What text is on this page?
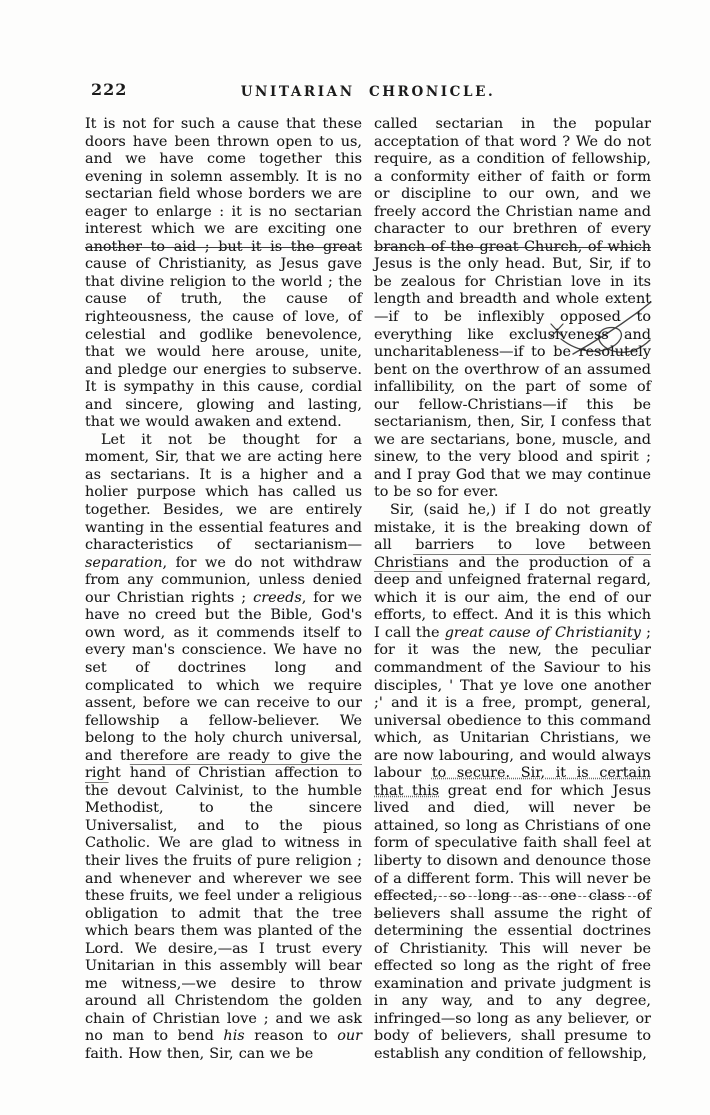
222	UNITARIAN CHRONICLE.

It is not for such a cause that these doors have been thrown open to us, and we have come together this evening in solemn assembly. It is no sectarian field whose borders we are eager to enlarge : it is no sectarian interest which we are exciting one another to aid ; but it is the great cause of Christianity, as Jesus gave that divine religion to the world ; the cause of truth, the cause of righteousness, the cause of love, of celestial and godlike benevolence, that we would here arouse, unite, and pledge our energies to subserve. It is sympathy in this cause, cordial and sincere, glowing and lasting, that we would awaken and extend.

Let it not be thought for a moment, Sir, that we are acting here as sectarians. It is a higher and a holier purpose which has called us together. Besides, we are entirely wanting in the essential features and characteristics of sectarianism—separation, for we do not withdraw from any communion, unless denied our Christian rights ; creeds, for we have no creed but the Bible, God's own word, as it commends itself to every man's conscience. We have no set of doctrines long and complicated to which we require assent, before we can receive to our fellowship a fellow-believer. We belong to the holy church universal, and therefore are ready to give the right hand of Christian affection to the devout Calvinist, to the humble Methodist, to the sincere Universalist, and to the pious Catholic. We are glad to witness in their lives the fruits of pure religion ; and whenever and wherever we see these fruits, we feel under a religious obligation to admit that the tree which bears them was planted of the Lord. We desire,—as I trust every Unitarian in this assembly will bear me witness,—we desire to throw around all Christendom the golden chain of Christian love ; and we ask no man to bend his reason to our faith. How then, Sir, can we be

called sectarian in the popular acceptation of that word ? We do not require, as a condition of fellowship, a conformity either of faith or form or discipline to our own, and we freely accord the Christian name and character to our brethren of every branch of the great Church, of which Jesus is the only head. But, Sir, if to be zealous for Christian love in its length and breadth and whole extent—if to be inflexibly opposed to everything like exclusiveness and uncharitableness—if to be resolutely bent on the overthrow of an assumed infallibility, on the part of some of our fellow-Christians—if this be sectarianism, then, Sir, I confess that we are sectarians, bone, muscle, and sinew, to the very blood and spirit ; and I pray God that we may continue to be so for ever.

Sir, (said he,) if I do not greatly mistake, it is the breaking down of all barriers to love between Christians and the production of a deep and unfeigned fraternal regard, which it is our aim, the end of our efforts, to effect. And it is this which I call the great cause of Christianity ; for it was the new, the peculiar commandment of the Saviour to his disciples, ' That ye love one another ;' and it is a free, prompt, general, universal obedience to this command which, as Unitarian Christians, we are now labouring, and would always labour to secure. Sir, it is certain that this great end for which Jesus lived and died, will never be attained, so long as Christians of one form of speculative faith shall feel at liberty to disown and denounce those of a different form. This will never be effected, so long as one class of believers shall assume the right of determining the essential doctrines of Christianity. This will never be effected so long as the right of free examination and private judgment is in any way, and to any degree, infringed—so long as any believer, or body of believers, shall presume to establish any condition of fellowship,
